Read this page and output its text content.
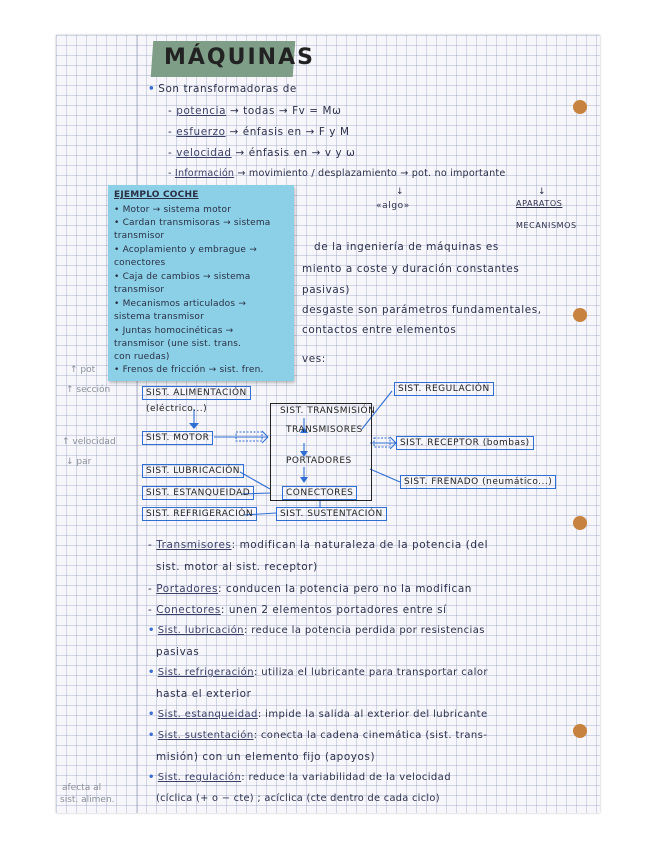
MÁQUINAS
• Son transformadoras de
- potencia → todas → Fv = Mω
- esfuerzo → énfasis en → F y M
- velocidad → énfasis en → v y ω
- Información → movimiento / desplazamiento → pot. no importante
↓	↓
«algo»	APARATOS
MECANISMOS
de la ingeniería de máquinas es
miento a coste y duración constantes
pasivas)
desgaste son parámetros fundamentales,
contactos entre elementos
ves:
EJEMPLO COCHE
• Motor → sistema motor
• Cardan transmisoras → sistema
transmisor
• Acoplamiento y embrague →
conectores
• Caja de cambios → sistema
transmisor
• Mecanismos articulados →
sistema transmisor
• Juntas homocinéticas →
transmisor (une sist. trans.
con ruedas)
• Frenos de fricción → sist. fren.
↑ pot
↑ sección
↑ velocidad
↓ par
afecta al
sist. alimen.
SIST. ALIMENTACIÓN
(eléctrico...)
SIST. MOTOR
SIST. LUBRICACIÓN
SIST. ESTANQUEIDAD
SIST. REFRIGERACIÓN
SIST. TRANSMISIÓN
TRANSMISORES
PORTADORES
CONECTORES
SIST. SUSTENTACIÓN
SIST. REGULACIÓN
SIST. RECEPTOR (bombas)
SIST. FRENADO (neumático...)
- Transmisores: modifican la naturaleza de la potencia (del
sist. motor al sist. receptor)
- Portadores: conducen la potencia pero no la modifican
- Conectores: unen 2 elementos portadores entre sí
• Sist. lubricación: reduce la potencia perdida por resistencias
pasivas
• Sist. refrigeración: utiliza el lubricante para transportar calor
hasta el exterior
• Sist. estanqueidad: impide la salida al exterior del lubricante
• Sist. sustentación: conecta la cadena cinemática (sist. trans-
misión) con un elemento fijo (apoyos)
• Sist. regulación: reduce la variabilidad de la velocidad
(cíclica (+ o − cte) ; acíclica (cte dentro de cada ciclo)
